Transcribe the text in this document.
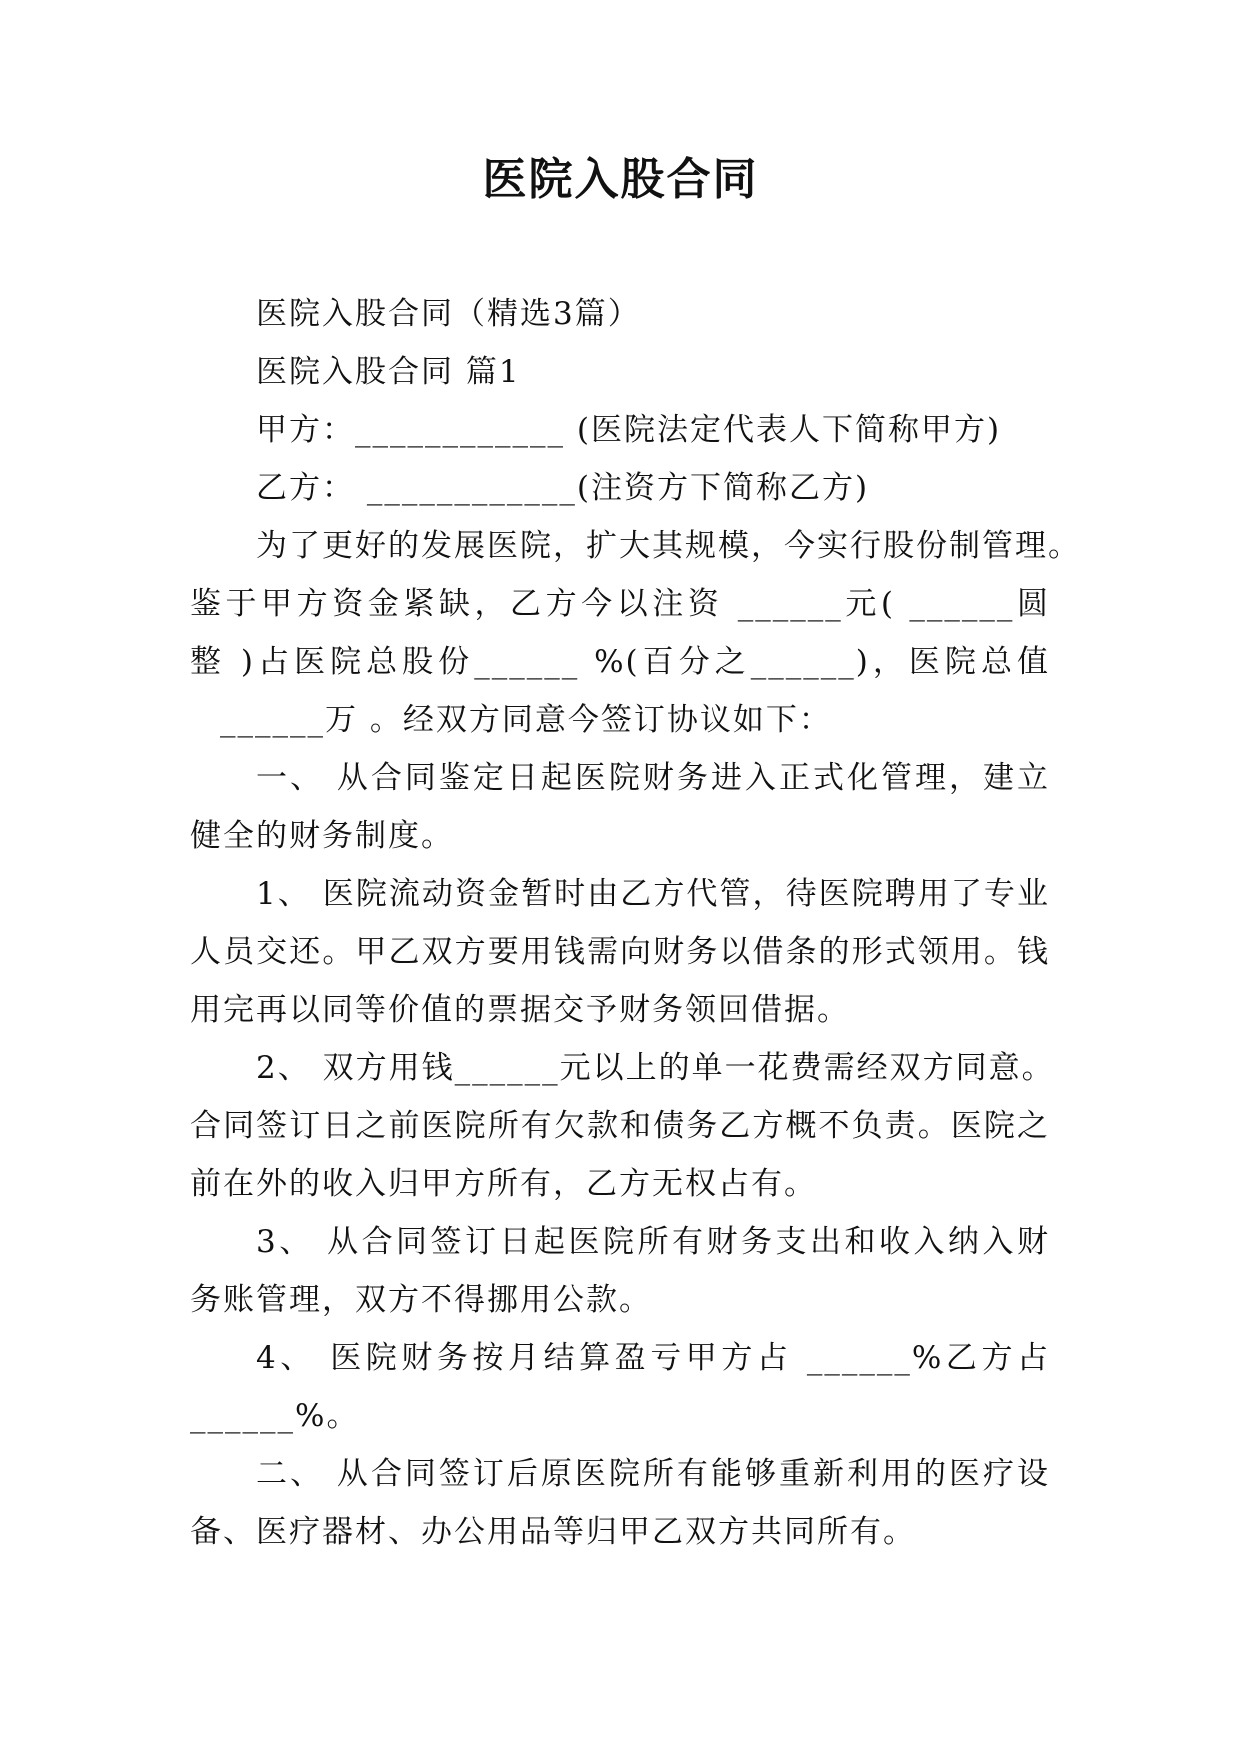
医院入股合同
医院入股合同（精选3篇）
医院入股合同 篇1
甲方：____________ (医院法定代表人下简称甲方)
乙方： ____________(注资方下简称乙方)
为了更好的发展医院，扩大其规模，今实行股份制管理。
鉴于甲方资金紧缺，乙方今以注资 ______元( ______圆
整 )占医院总股份______ %(百分之______)，医院总值
______万 。经双方同意今签订协议如下：
一、 从合同鉴定日起医院财务进入正式化管理，建立
健全的财务制度。
1、 医院流动资金暂时由乙方代管，待医院聘用了专业
人员交还。甲乙双方要用钱需向财务以借条的形式领用。钱
用完再以同等价值的票据交予财务领回借据。
2、 双方用钱______元以上的单一花费需经双方同意。
合同签订日之前医院所有欠款和债务乙方概不负责。医院之
前在外的收入归甲方所有，乙方无权占有。
3、 从合同签订日起医院所有财务支出和收入纳入财
务账管理，双方不得挪用公款。
4、 医院财务按月结算盈亏甲方占 ______%乙方占
______%。
二、 从合同签订后原医院所有能够重新利用的医疗设
备、医疗器材、办公用品等归甲乙双方共同所有。
